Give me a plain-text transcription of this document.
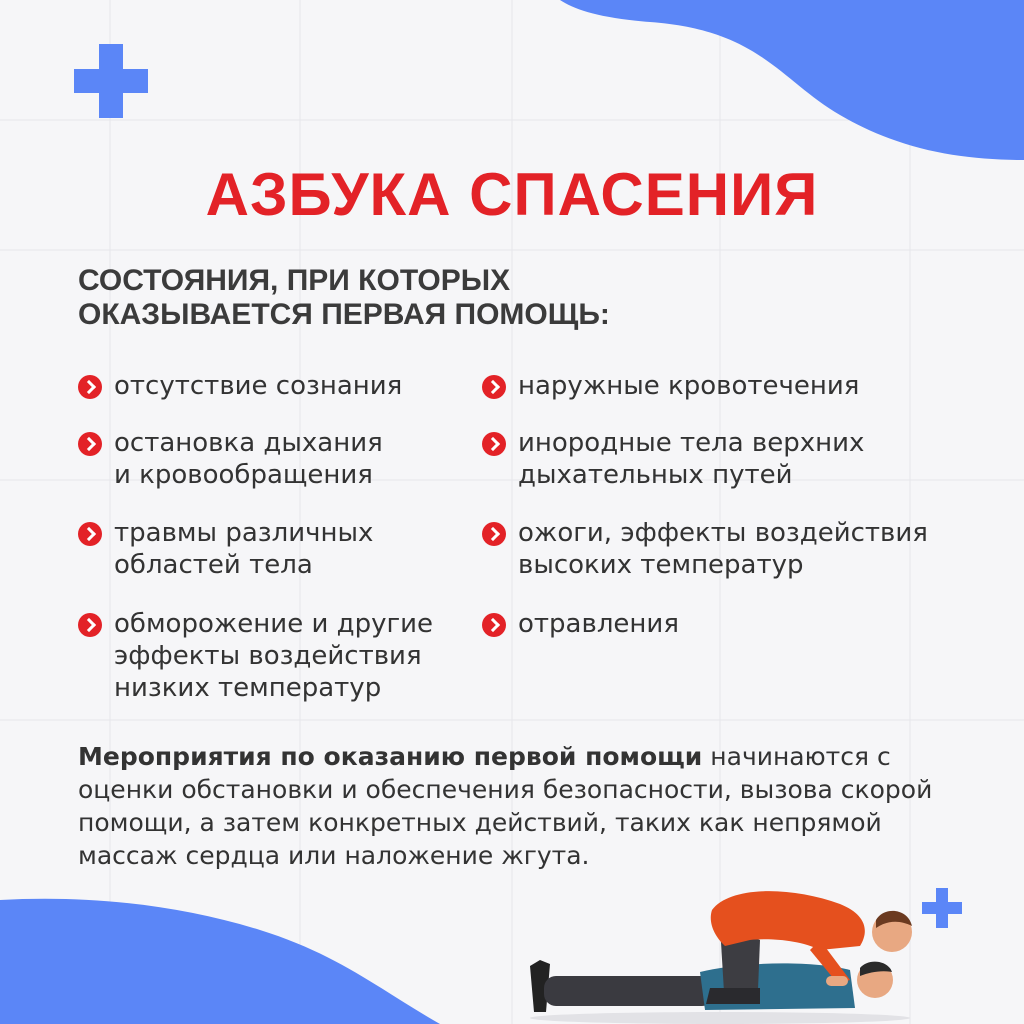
АЗБУКА СПАСЕНИЯ
СОСТОЯНИЯ, ПРИ КОТОРЫХ
ОКАЗЫВАЕТСЯ ПЕРВАЯ ПОМОЩЬ:
отсутствие сознания
остановка дыхания
и кровообращения
травмы различных
областей тела
обморожение и другие
эффекты воздействия
низких температур
наружные кровотечения
инородные тела верхних
дыхательных путей
ожоги, эффекты воздействия
высоких температур
отравления
Мероприятия по оказанию первой помощи начинаются с оценки обстановки и обеспечения безопасности, вызова скорой помощи, а затем конкретных действий, таких как непрямой массаж сердца или наложение жгута.
